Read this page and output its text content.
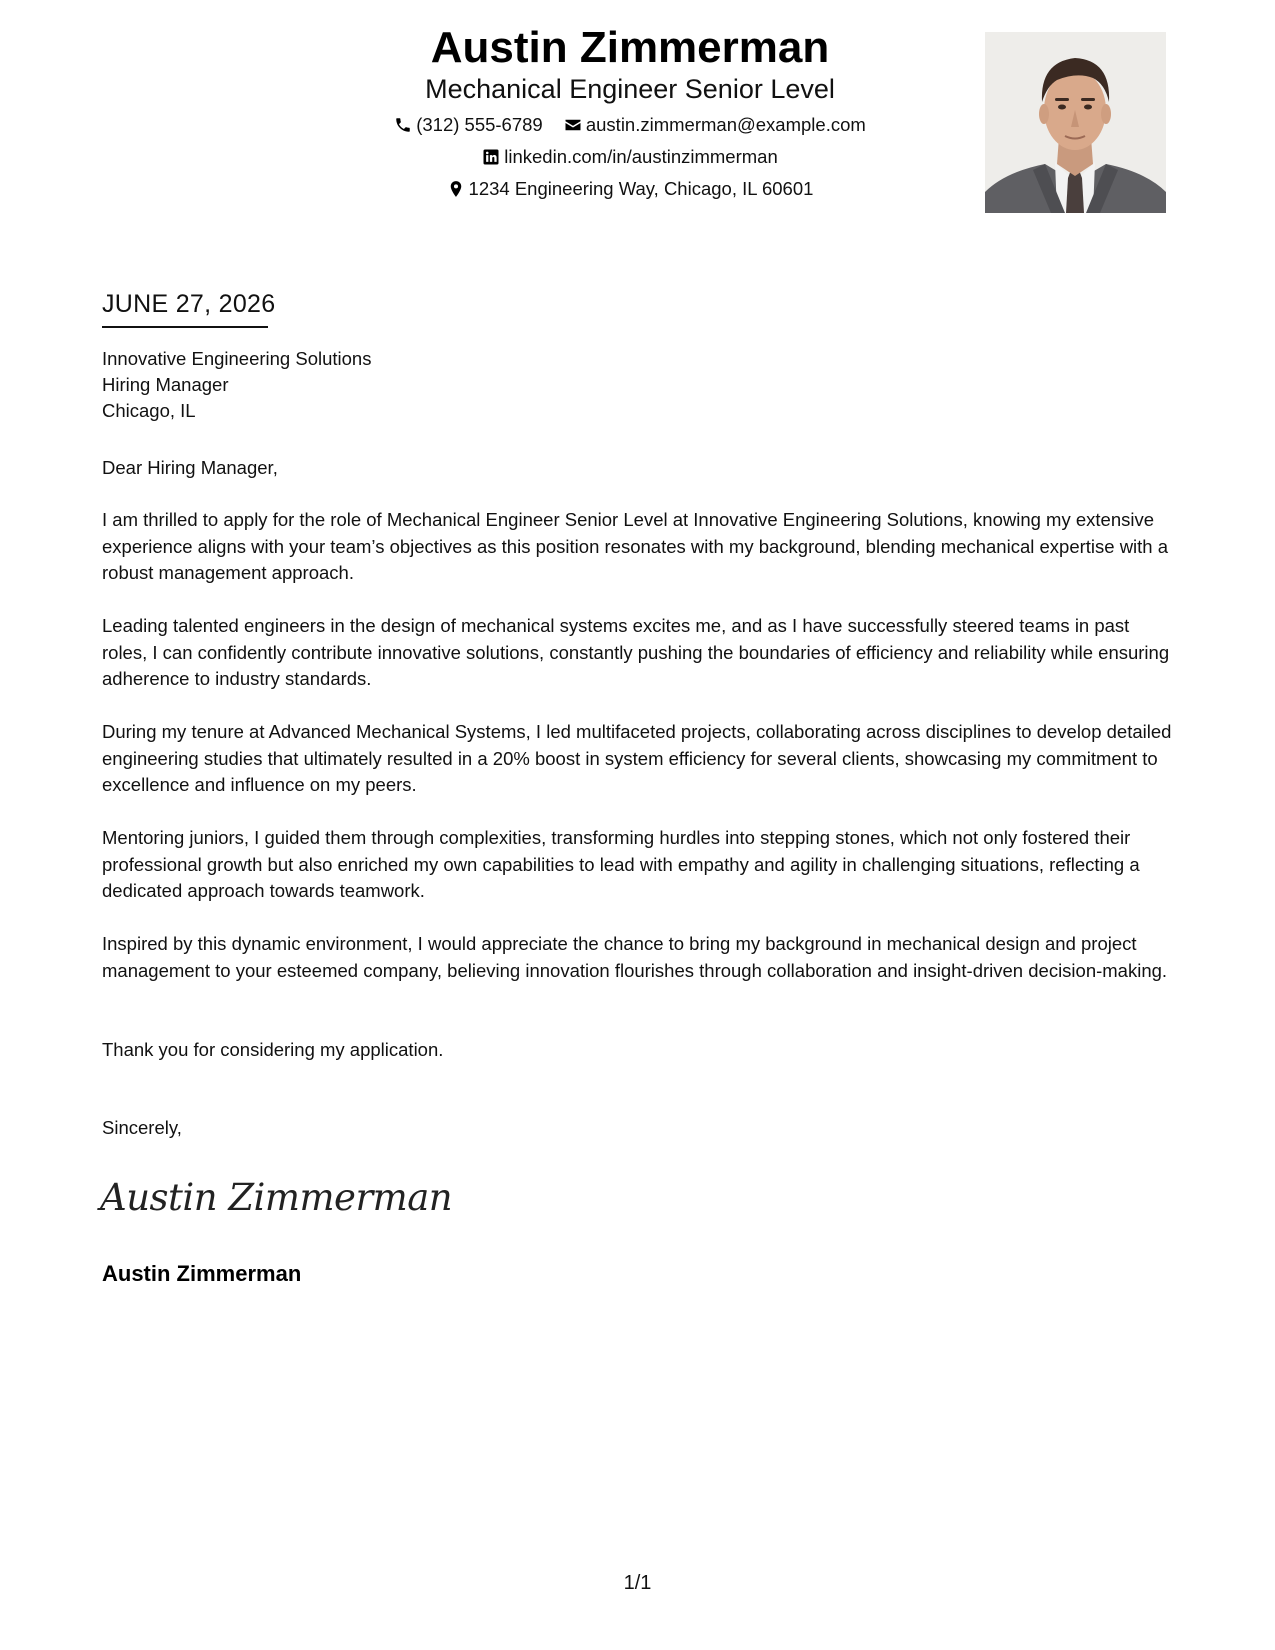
Austin Zimmerman
Mechanical Engineer Senior Level
(312) 555-6789
austin.zimmerman@example.com
linkedin.com/in/austinzimmerman
1234 Engineering Way, Chicago, IL 60601
JUNE 27, 2026
Innovative Engineering Solutions
Hiring Manager
Chicago, IL
Dear Hiring Manager,

I am thrilled to apply for the role of Mechanical Engineer Senior Level at Innovative Engineering Solutions, knowing my extensive experience aligns with your team’s objectives as this position resonates with my background, blending mechanical expertise with a robust management approach.

Leading talented engineers in the design of mechanical systems excites me, and as I have successfully steered teams in past roles, I can confidently contribute innovative solutions, constantly pushing the boundaries of efficiency and reliability while ensuring adherence to industry standards.

During my tenure at Advanced Mechanical Systems, I led multifaceted projects, collaborating across disciplines to develop detailed engineering studies that ultimately resulted in a 20% boost in system efficiency for several clients, showcasing my commitment to excellence and influence on my peers.

Mentoring juniors, I guided them through complexities, transforming hurdles into stepping stones, which not only fostered their professional growth but also enriched my own capabilities to lead with empathy and agility in challenging situations, reflecting a dedicated approach towards teamwork.

Inspired by this dynamic environment, I would appreciate the chance to bring my background in mechanical design and project management to your esteemed company, believing innovation flourishes through collaboration and insight-driven decision-making.

Thank you for considering my application.

Sincerely,
Austin Zimmerman
Austin Zimmerman
1/1
